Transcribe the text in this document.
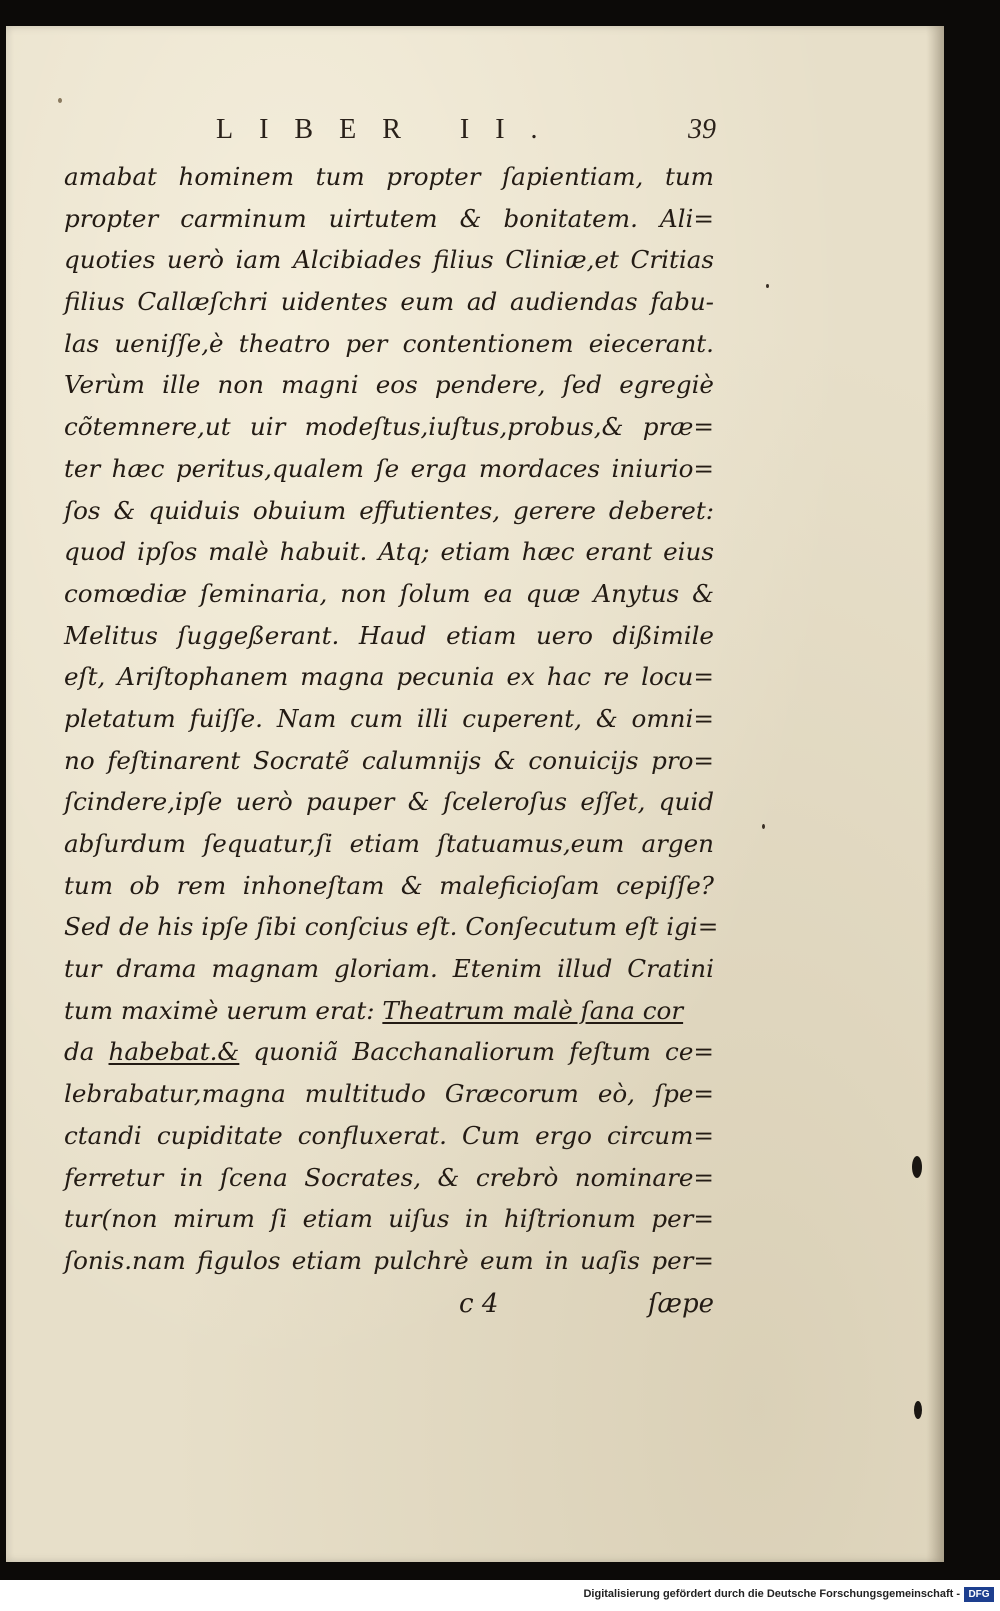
LIBER II.	39
amabat hominem tum propter ſapientiam, tum
propter carminum uirtutem & bonitatem. Ali=
quoties uerò iam Alcibiades filius Cliniæ,et Critias
filius Callæſchri uidentes eum ad audiendas fabu-
las ueniſſe,è theatro per contentionem eiecerant.
Verùm ille non magni eos pendere, ſed egregiè
cõtemnere,ut uir modeſtus,iuſtus,probus,& præ=
ter hæc peritus,qualem ſe erga mordaces iniurio=
ſos & quiduis obuium effutientes, gerere deberet:
quod ipſos malè habuit. Atq; etiam hæc erant eius
comœdiæ ſeminaria, non ſolum ea quæ Anytus &
Melitus ſuggeßerant. Haud etiam uero dißimile
eſt, Ariſtophanem magna pecunia ex hac re locu=
pletatum fuiſſe. Nam cum illi cuperent, & omni=
no feſtinarent Socratẽ calumnijs & conuicijs pro=
ſcindere,ipſe uerò pauper & ſceleroſus eſſet, quid
abſurdum ſequatur,ſi etiam ſtatuamus,eum argen
tum ob rem inhoneſtam & maleficioſam cepiſſe?
Sed de his ipſe ſibi conſcius eſt. Conſecutum eſt igi=
tur drama magnam gloriam. Etenim illud Cratini
tum maximè uerum erat: Theatrum malè ſana cor
da habebat.& quoniã Bacchanaliorum feſtum ce=
lebrabatur,magna multitudo Græcorum eò, ſpe=
ctandi cupiditate confluxerat. Cum ergo circum=
ferretur in ſcena Socrates, & crebrò nominare=
tur(non mirum ſi etiam uiſus in hiſtrionum per=
ſonis.nam figulos etiam pulchrè eum in uaſis per=
c 4	ſæpe
Digitalisierung gefördert durch die Deutsche Forschungsgemeinschaft - DFG
